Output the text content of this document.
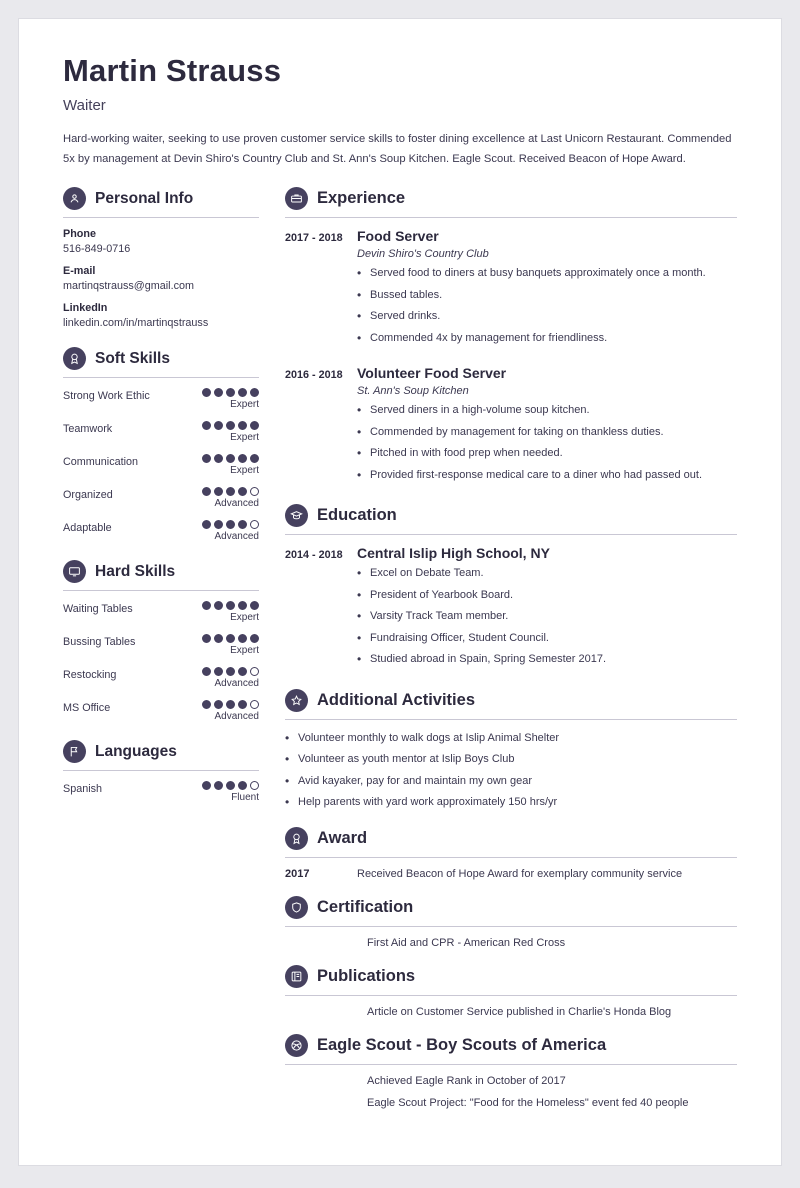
Martin Strauss
Waiter
Hard-working waiter, seeking to use proven customer service skills to foster dining excellence at Last Unicorn Restaurant. Commended 5x by management at Devin Shiro's Country Club and St. Ann's Soup Kitchen. Eagle Scout. Received Beacon of Hope Award.
Personal Info
Phone
516-849-0716
E-mail
martinqstrauss@gmail.com
LinkedIn
linkedin.com/in/martinqstrauss
Soft Skills
Strong Work Ethic
Expert
Teamwork
Expert
Communication
Expert
Organized
Advanced
Adaptable
Advanced
Hard Skills
Waiting Tables
Expert
Bussing Tables
Expert
Restocking
Advanced
MS Office
Advanced
Languages
Spanish
Fluent
Experience
2017 - 2018	Food Server
Devin Shiro's Country Club
• Served food to diners at busy banquets approximately once a month.
• Bussed tables.
• Served drinks.
• Commended 4x by management for friendliness.
2016 - 2018	Volunteer Food Server
St. Ann's Soup Kitchen
• Served diners in a high-volume soup kitchen.
• Commended by management for taking on thankless duties.
• Pitched in with food prep when needed.
• Provided first-response medical care to a diner who had passed out.
Education
2014 - 2018	Central Islip High School, NY
• Excel on Debate Team.
• President of Yearbook Board.
• Varsity Track Team member.
• Fundraising Officer, Student Council.
• Studied abroad in Spain, Spring Semester 2017.
Additional Activities
• Volunteer monthly to walk dogs at Islip Animal Shelter
• Volunteer as youth mentor at Islip Boys Club
• Avid kayaker, pay for and maintain my own gear
• Help parents with yard work approximately 150 hrs/yr
Award
2017	Received Beacon of Hope Award for exemplary community service
Certification
First Aid and CPR - American Red Cross
Publications
Article on Customer Service published in Charlie's Honda Blog
Eagle Scout - Boy Scouts of America
Achieved Eagle Rank in October of 2017
Eagle Scout Project: "Food for the Homeless" event fed 40 people
